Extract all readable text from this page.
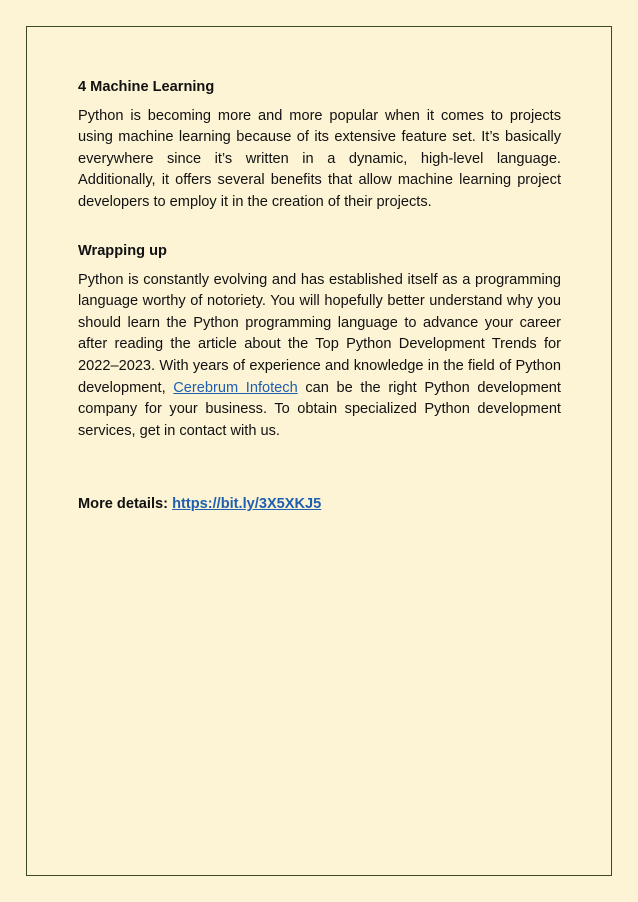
4 Machine Learning

Python is becoming more and more popular when it comes to projects using machine learning because of its extensive feature set. It’s basically everywhere since it’s written in a dynamic, high-level language. Additionally, it offers several benefits that allow machine learning project developers to employ it in the creation of their projects.

Wrapping up

Python is constantly evolving and has established itself as a programming language worthy of notoriety. You will hopefully better understand why you should learn the Python programming language to advance your career after reading the article about the Top Python Development Trends for 2022–2023. With years of experience and knowledge in the field of Python development, Cerebrum Infotech can be the right Python development company for your business. To obtain specialized Python development services, get in contact with us.

More details: https://bit.ly/3X5XKJ5
